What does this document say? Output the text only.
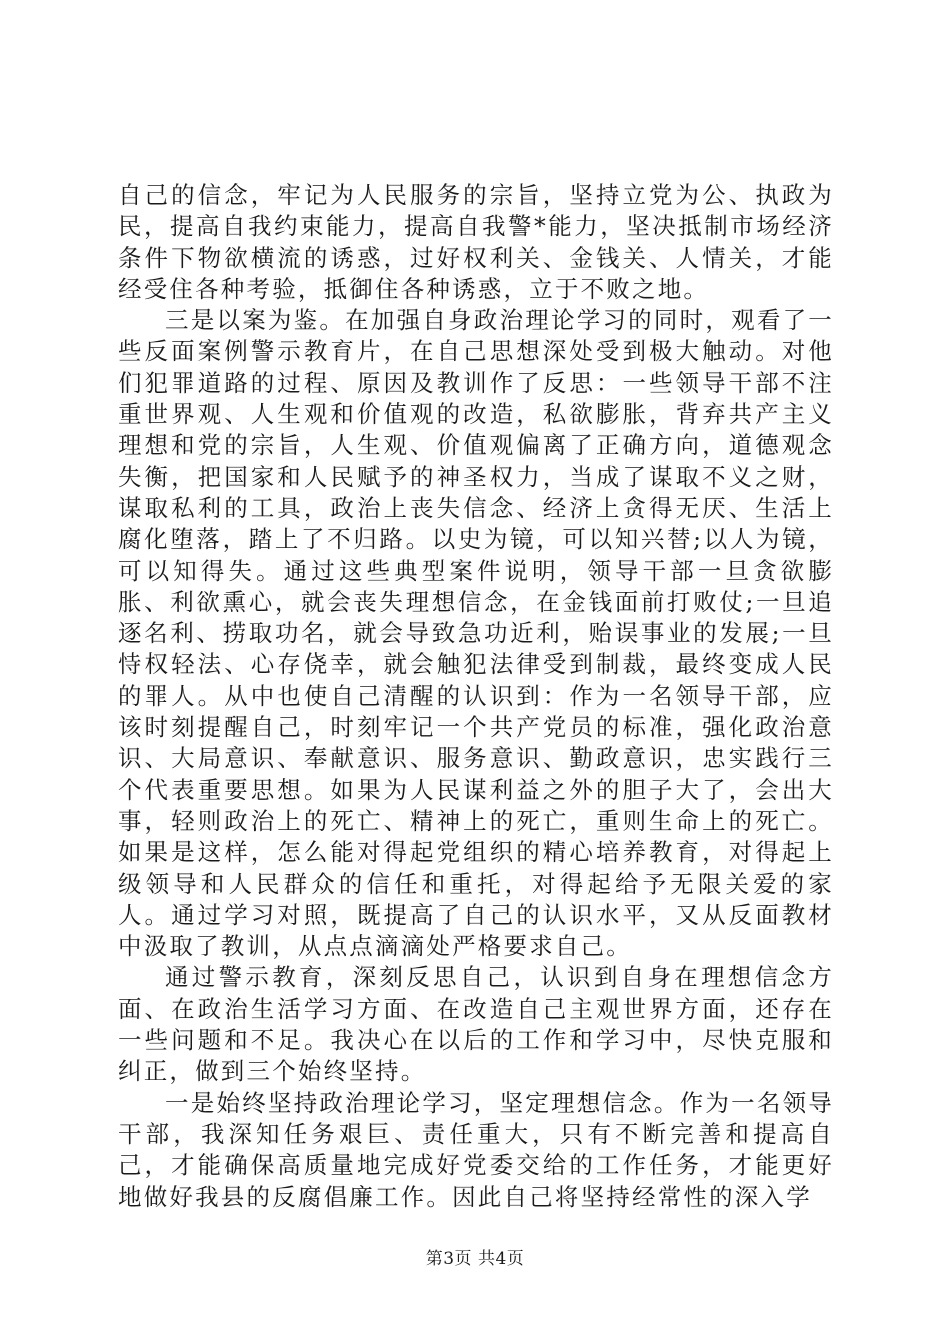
自己的信念，牢记为人民服务的宗旨，坚持立党为公、执政为民，提高自我约束能力，提高自我警*能力，坚决抵制市场经济条件下物欲横流的诱惑，过好权利关、金钱关、人情关，才能经受住各种考验，抵御住各种诱惑，立于不败之地。

三是以案为鉴。在加强自身政治理论学习的同时，观看了一些反面案例警示教育片，在自己思想深处受到极大触动。对他们犯罪道路的过程、原因及教训作了反思：一些领导干部不注重世界观、人生观和价值观的改造，私欲膨胀，背弃共产主义理想和党的宗旨，人生观、价值观偏离了正确方向，道德观念失衡，把国家和人民赋予的神圣权力，当成了谋取不义之财，谋取私利的工具，政治上丧失信念、经济上贪得无厌、生活上腐化堕落，踏上了不归路。以史为镜，可以知兴替;以人为镜，可以知得失。通过这些典型案件说明，领导干部一旦贪欲膨胀、利欲熏心，就会丧失理想信念，在金钱面前打败仗;一旦追逐名利、捞取功名，就会导致急功近利，贻误事业的发展;一旦恃权轻法、心存侥幸，就会触犯法律受到制裁，最终变成人民的罪人。从中也使自己清醒的认识到：作为一名领导干部，应该时刻提醒自己，时刻牢记一个共产党员的标准，强化政治意识、大局意识、奉献意识、服务意识、勤政意识，忠实践行三个代表重要思想。如果为人民谋利益之外的胆子大了，会出大事，轻则政治上的死亡、精神上的死亡，重则生命上的死亡。如果是这样，怎么能对得起党组织的精心培养教育，对得起上级领导和人民群众的信任和重托，对得起给予无限关爱的家人。通过学习对照，既提高了自己的认识水平，又从反面教材中汲取了教训，从点点滴滴处严格要求自己。

通过警示教育，深刻反思自己，认识到自身在理想信念方面、在政治生活学习方面、在改造自己主观世界方面，还存在一些问题和不足。我决心在以后的工作和学习中，尽快克服和纠正，做到三个始终坚持。

一是始终坚持政治理论学习，坚定理想信念。作为一名领导干部，我深知任务艰巨、责任重大，只有不断完善和提高自己，才能确保高质量地完成好党委交给的工作任务，才能更好地做好我县的反腐倡廉工作。因此自己将坚持经常性的深入学

第3页 共4页
